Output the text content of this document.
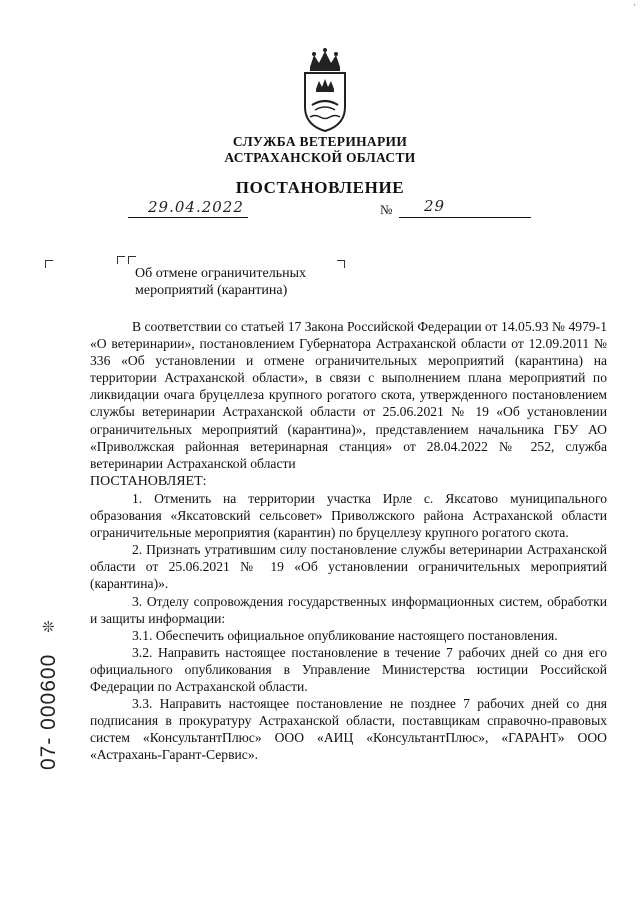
·
СЛУЖБА ВЕТЕРИНАРИИ
АСТРАХАНСКОЙ ОБЛАСТИ
ПОСТАНОВЛЕНИЕ
29.04.2022	№ 29
Об отмене ограничительных
мероприятий (карантина)

В соответствии со статьей 17 Закона Российской Федерации от 14.05.93 № 4979-1 «О ветеринарии», постановлением Губернатора Астраханской области от 12.09.2011 № 336 «Об установлении и отмене ограничительных мероприятий (карантина) на территории Астраханской области», в связи с выполнением плана мероприятий по ликвидации очага бруцеллеза крупного рогатого скота, утвержденного постановлением службы ветеринарии Астраханской области от 25.06.2021 № 19 «Об установлении ограничительных мероприятий (карантина)», представлением начальника ГБУ АО «Приволжская районная ветеринарная станция» от 28.04.2022 № 252, служба ветеринарии Астраханской области

ПОСТАНОВЛЯЕТ:

1. Отменить на территории участка Ирле с. Яксатово муниципального образования «Яксатовский сельсовет» Приволжского района Астраханской области ограничительные мероприятия (карантин) по бруцеллезу крупного рогатого скота.

2. Признать утратившим силу постановление службы ветеринарии Астраханской области от 25.06.2021 № 19 «Об установлении ограничительных мероприятий (карантина)».

3. Отделу сопровождения государственных информационных систем, обработки и защиты информации:

3.1. Обеспечить официальное опубликование настоящего постановления.

3.2. Направить настоящее постановление в течение 7 рабочих дней со дня его официального опубликования в Управление Министерства юстиции Российской Федерации по Астраханской области.

3.3. Направить настоящее постановление не позднее 7 рабочих дней со дня подписания в прокуратуру Астраханской области, поставщикам справочно-правовых систем «КонсультантПлюс» ООО «АИЦ «КонсультантПлюс», «ГАРАНТ» ООО «Астрахань-Гарант-Сервис».

❊
07- 000600
